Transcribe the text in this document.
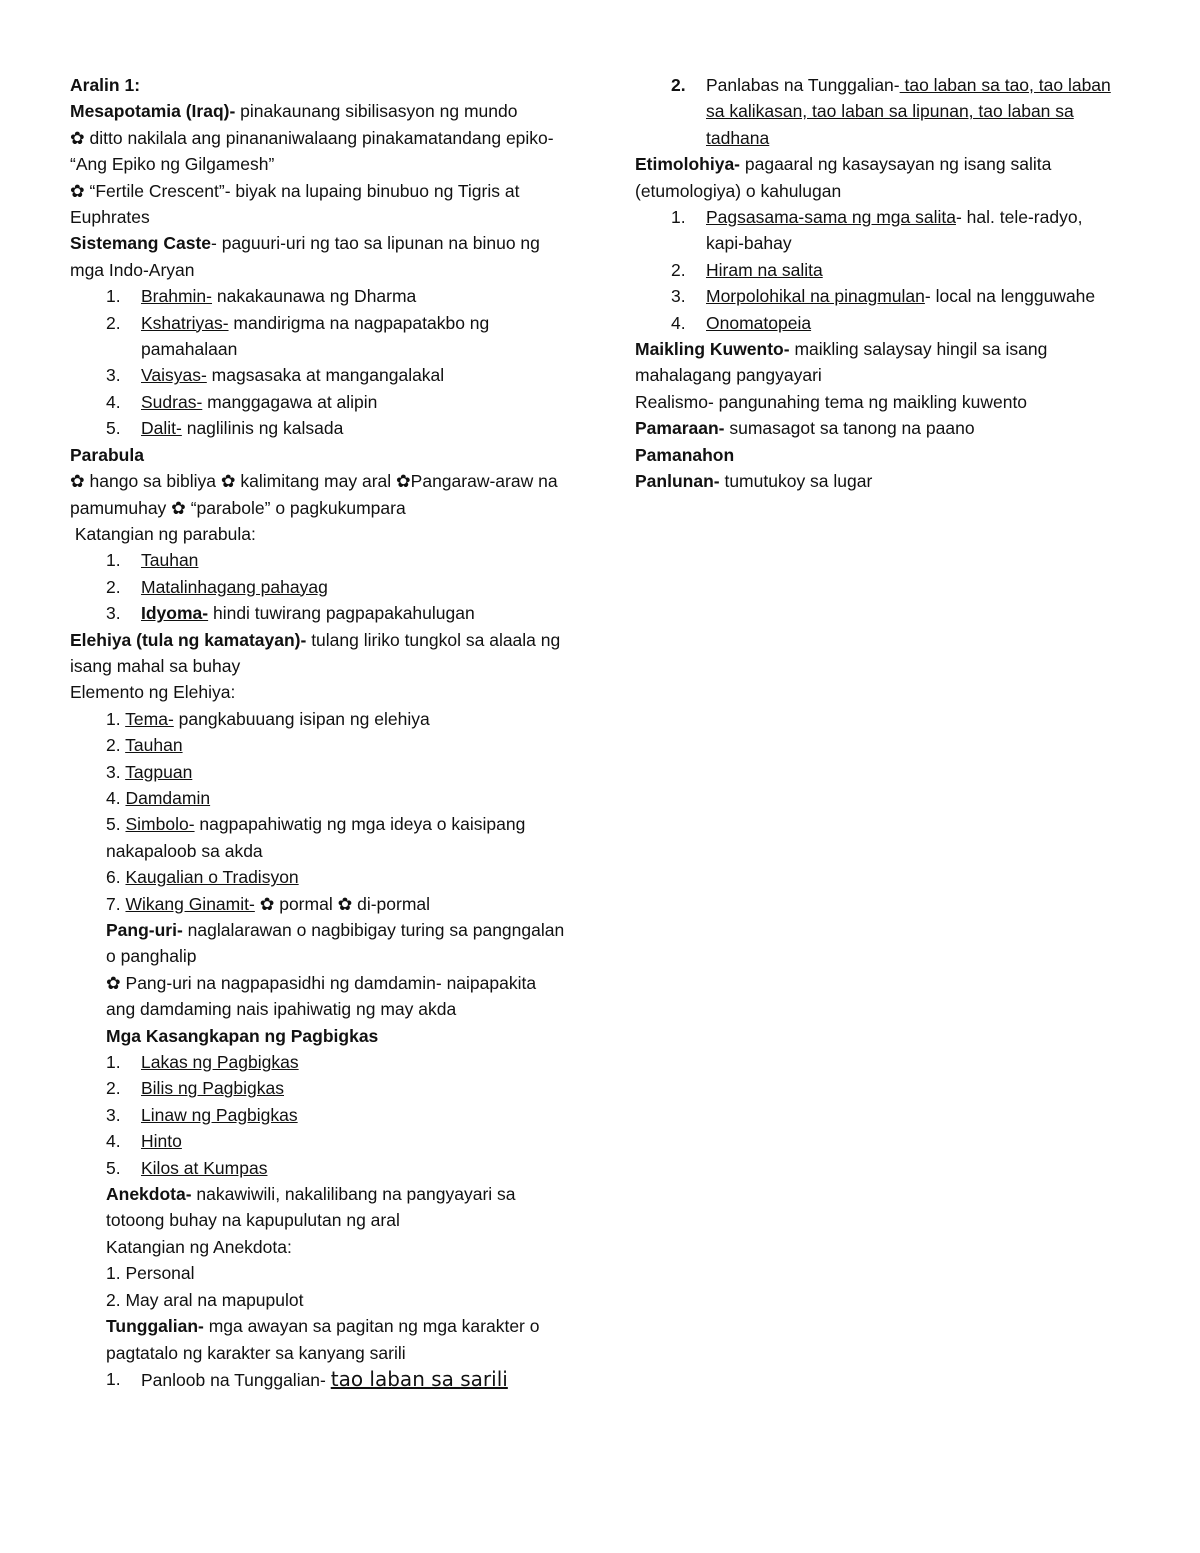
Aralin 1:
Mesapotamia (Iraq)- pinakaunang sibilisasyon ng mundo
✿ ditto nakilala ang pinananiwalaang pinakamatandang epiko- “Ang Epiko ng Gilgamesh”
✿ “Fertile Crescent”- biyak na lupaing binubuo ng Tigris at Euphrates
Sistemang Caste- paguuri-uri ng tao sa lipunan na binuo ng mga Indo-Aryan
1. Brahmin- nakakaunawa ng Dharma
2. Kshatriyas- mandirigma na nagpapatakbo ng pamahalaan
3. Vaisyas- magsasaka at mangangalakal
4. Sudras- manggagawa at alipin
5. Dalit- naglilinis ng kalsada
Parabula
✿ hango sa bibliya ✿ kalimitang may aral ✿Pangaraw-araw na pamumuhay ✿ “parabole” o pagkukumpara
Katangian ng parabula:
1. Tauhan
2. Matalinhagang pahayag
3. Idyoma- hindi tuwirang pagpapakahulugan
Elehiya (tula ng kamatayan)- tulang liriko tungkol sa alaala ng isang mahal sa buhay
Elemento ng Elehiya:
1. Tema- pangkabuuang isipan ng elehiya
2. Tauhan
3. Tagpuan
4. Damdamin
5. Simbolo- nagpapahiwatig ng mga ideya o kaisipang nakapaloob sa akda
6. Kaugalian o Tradisyon
7. Wikang Ginamit- ✿ pormal ✿ di-pormal
Pang-uri- naglalarawan o nagbibigay turing sa pangngalan o panghalip
✿ Pang-uri na nagpapasidhi ng damdamin- naipapakita ang damdaming nais ipahiwatig ng may akda
Mga Kasangkapan ng Pagbigkas
1. Lakas ng Pagbigkas
2. Bilis ng Pagbigkas
3. Linaw ng Pagbigkas
4. Hinto
5. Kilos at Kumpas
Anekdota- nakawiwili, nakalilibang na pangyayari sa totoong buhay na kapupulutan ng aral
Katangian ng Anekdota:
1. Personal
2. May aral na mapupulot
Tunggalian- mga awayan sa pagitan ng mga karakter o pagtatalo ng karakter sa kanyang sarili
1. Panloob na Tunggalian- tao laban sa sarili
2. Panlabas na Tunggalian- tao laban sa tao, tao laban sa kalikasan, tao laban sa lipunan, tao laban sa tadhana
Etimolohiya- pagaaral ng kasaysayan ng isang salita (etumologiya) o kahulugan
1. Pagsasama-sama ng mga salita- hal. tele-radyo, kapi-bahay
2. Hiram na salita
3. Morpolohikal na pinagmulan- local na lengguwahe
4. Onomatopeia
Maikling Kuwento- maikling salaysay hingil sa isang mahalagang pangyayari
Realismo- pangunahing tema ng maikling kuwento
Pamaraan- sumasagot sa tanong na paano
Pamanahon
Panlunan- tumutukoy sa lugar
